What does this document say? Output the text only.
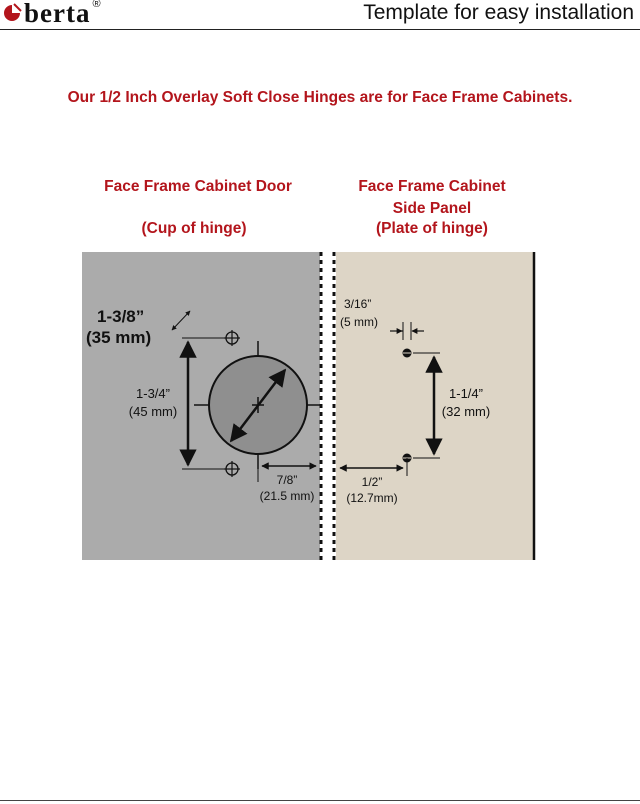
berta ®	Template for easy installation
Our 1/2 Inch Overlay Soft Close Hinges are for Face Frame Cabinets.
Face Frame Cabinet Door
(Cup of hinge)
Face Frame Cabinet
Side Panel
(Plate of hinge)
1-3/4”
(45 mm)
1-3/8”
(35 mm)
7/8”
(21.5 mm)
3/16”
(5 mm)
1-1/4”
(32 mm)
1/2”
(12.7mm)
